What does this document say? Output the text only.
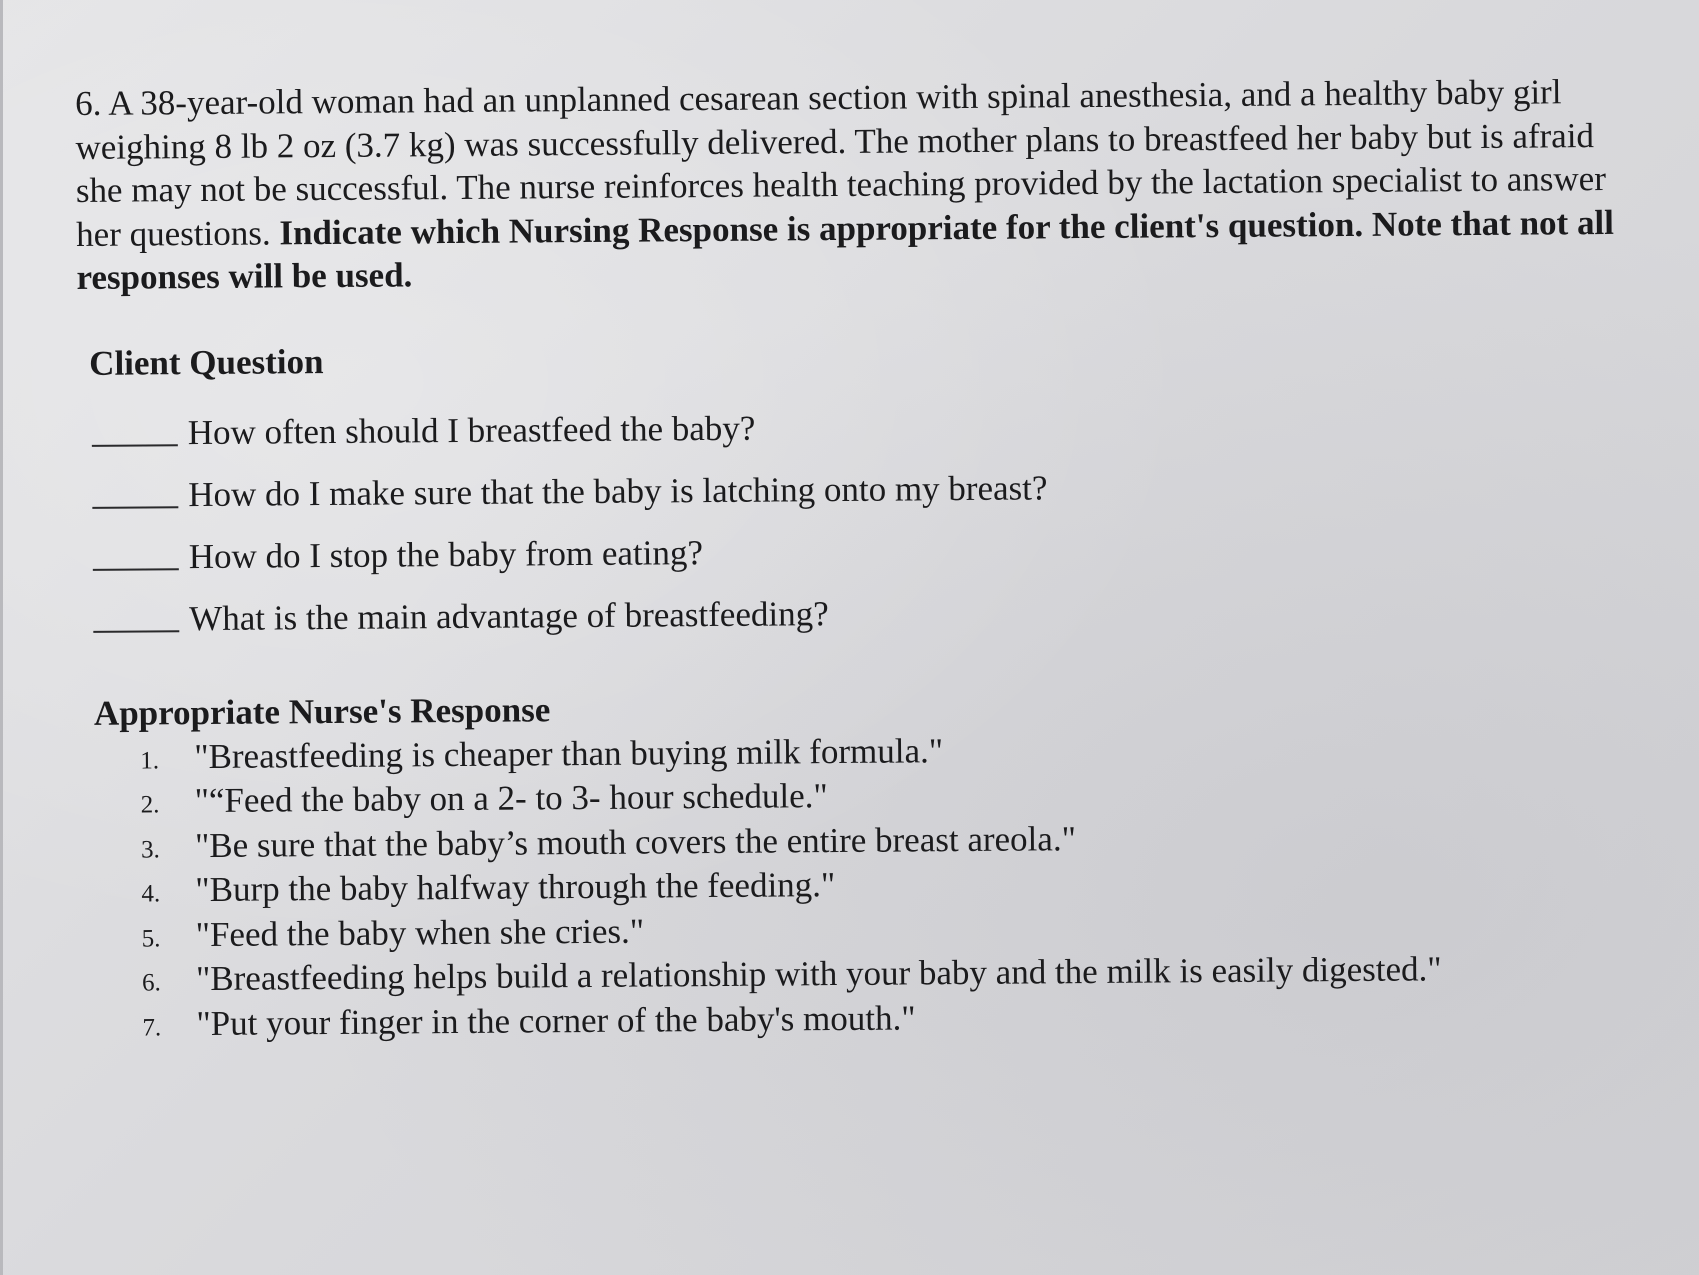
6. A 38-year-old woman had an unplanned cesarean section with spinal anesthesia, and a healthy baby girl weighing 8 lb 2 oz (3.7 kg) was successfully delivered. The mother plans to breastfeed her baby but is afraid she may not be successful. The nurse reinforces health teaching provided by the lactation specialist to answer her questions. Indicate which Nursing Response is appropriate for the client's question. Note that not all responses will be used.

Client Question
How often should I breastfeed the baby?
How do I make sure that the baby is latching onto my breast?
How do I stop the baby from eating?
What is the main advantage of breastfeeding?
Appropriate Nurse's Response
1. "Breastfeeding is cheaper than buying milk formula."
2. "“Feed the baby on a 2- to 3- hour schedule."
3. "Be sure that the baby’s mouth covers the entire breast areola."
4. "Burp the baby halfway through the feeding."
5. "Feed the baby when she cries."
6. "Breastfeeding helps build a relationship with your baby and the milk is easily digested."
7. "Put your finger in the corner of the baby's mouth."
